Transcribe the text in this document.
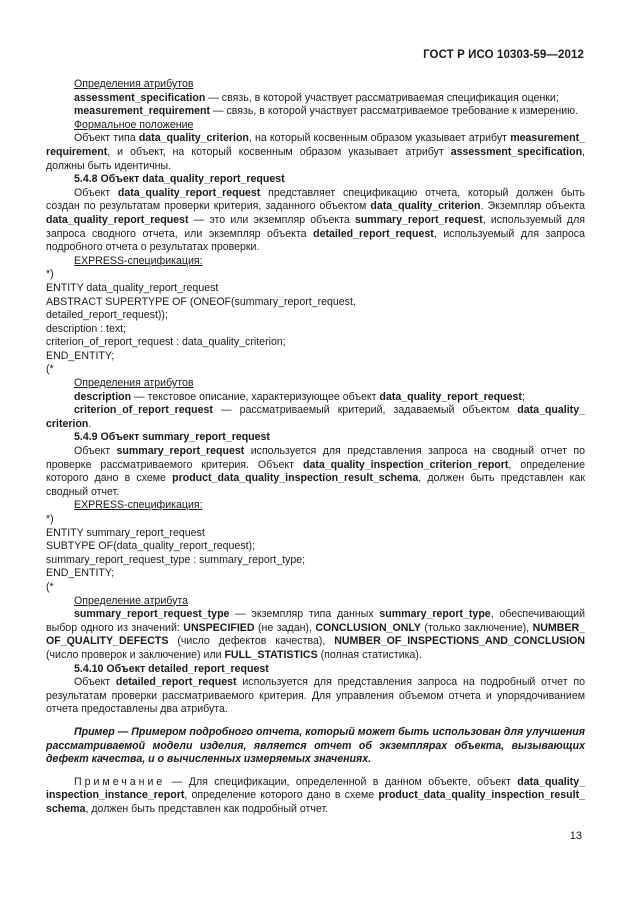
ГОСТ Р ИСО 10303-59—2012

Определения атрибутов

assessment_specification — связь, в которой участвует рассматриваемая спецификация оценки;

measurement_requirement — связь, в которой участвует рассматриваемое требование к измерению.

Формальное положение

Объект типа data_quality_criterion, на который косвенным образом указывает атрибут measurement_ requirement, и объект, на который косвенным образом указывает атрибут assessment_specification, должны быть идентичны.

5.4.8 Объект data_quality_report_request

Объект data_quality_report_request представляет спецификацию отчета, который должен быть создан по результатам проверки критерия, заданного объектом data_quality_criterion. Экземпляр объекта data_quality_report_request — это или экземпляр объекта summary_report_request, используемый для запроса сводного отчета, или экземпляр объекта detailed_report_request, используемый для запроса подробного отчета о результатах проверки.

EXPRESS-спецификация:

*)

ENTITY data_quality_report_request

ABSTRACT SUPERTYPE OF (ONEOF(summary_report_request,

detailed_report_request));

description : text;

criterion_of_report_request : data_quality_criterion;

END_ENTITY;

(*

Определения атрибутов

description — текстовое описание, характеризующее объект data_quality_report_request;

criterion_of_report_request — рассматриваемый критерий, задаваемый объектом data_quality_ criterion.

5.4.9 Объект summary_report_request

Объект summary_report_request используется для представления запроса на сводный отчет по проверке рассматриваемого критерия. Объект data_quality_inspection_criterion_report, определение которого дано в схеме product_data_quality_inspection_result_schema, должен быть представлен как сводный отчет.

EXPRESS-спецификация:

*)

ENTITY summary_report_request

SUBTYPE OF(data_quality_report_request);

summary_report_request_type : summary_report_type;

END_ENTITY;

(*

Определение атрибута

summary_report_request_type — экземпляр типа данных summary_report_type, обеспечивающий выбор одного из значений: UNSPECIFIED (не задан), CONCLUSION_ONLY (только заключение), NUMBER_ OF_QUALITY_DEFECTS (число дефектов качества), NUMBER_OF_INSPECTIONS_AND_CONCLUSION (число проверок и заключение) или FULL_STATISTICS (полная статистика).

5.4.10 Объект detailed_report_request

Объект detailed_report_request используется для представления запроса на подробный отчет по результатам проверки рассматриваемого критерия. Для управления объемом отчета и упорядочиванием отчета предоставлены два атрибута.

Пример — Примером подробного отчета, который может быть использован для улучшения рассматриваемой модели изделия, является отчет об экземплярах объекта, вызывающих дефект качества, и о вычисленных измеряемых значениях.

Примечание — Для спецификации, определенной в данном объекте, объект data_quality_ inspection_instance_report, определение которого дано в схеме product_data_quality_inspection_result_ schema, должен быть представлен как подробный отчет.

13
